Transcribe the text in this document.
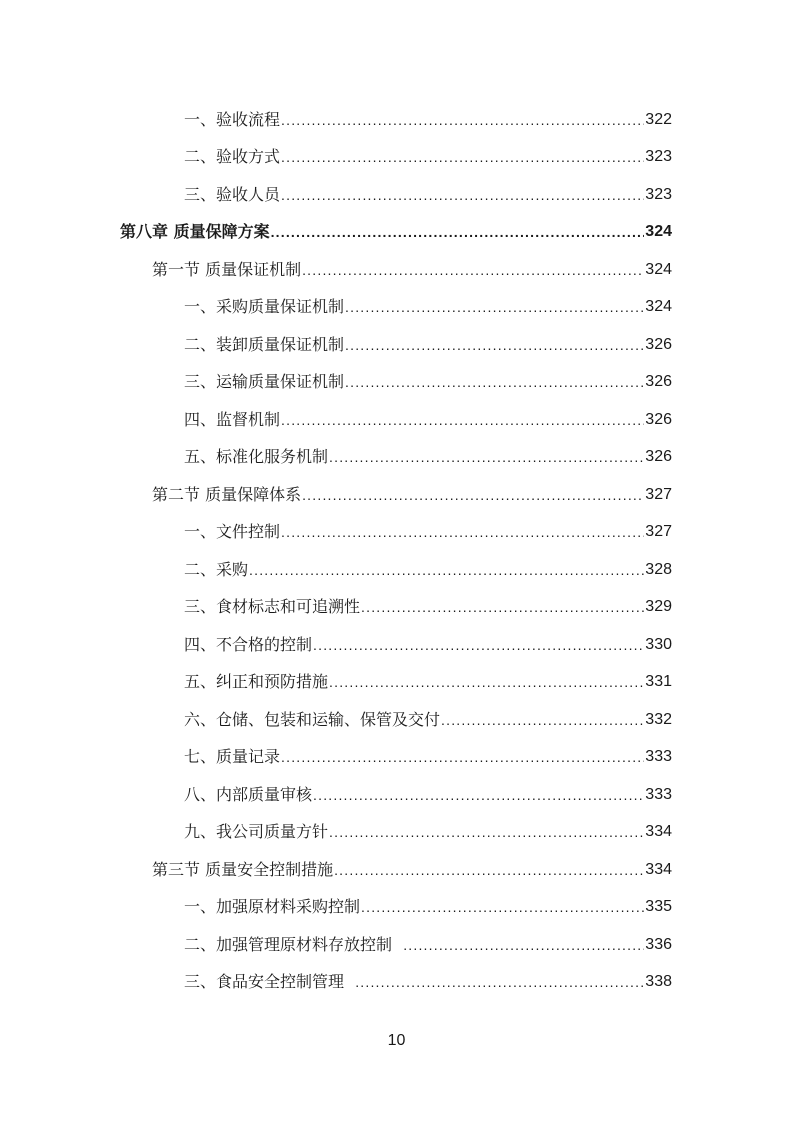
一、验收流程 .....	322
二、验收方式 .....	323
三、验收人员 .....	323
第八章 质量保障方案 .....	324
第一节 质量保证机制 .....	324
一、采购质量保证机制 .....	324
二、装卸质量保证机制 .....	326
三、运输质量保证机制 .....	326
四、监督机制 .....	326
五、标准化服务机制 .....	326
第二节 质量保障体系 .....	327
一、文件控制 .....	327
二、采购 .....	328
三、食材标志和可追溯性 .....	329
四、不合格的控制 .....	330
五、纠正和预防措施 .....	331
六、仓储、包装和运输、保管及交付 .....	332
七、质量记录 .....	333
八、内部质量审核 .....	333
九、我公司质量方针 .....	334
第三节 质量安全控制措施 .....	334
一、加强原材料采购控制 .....	335
二、加强管理原材料存放控制 .....	336
三、食品安全控制管理 .....	338
10
